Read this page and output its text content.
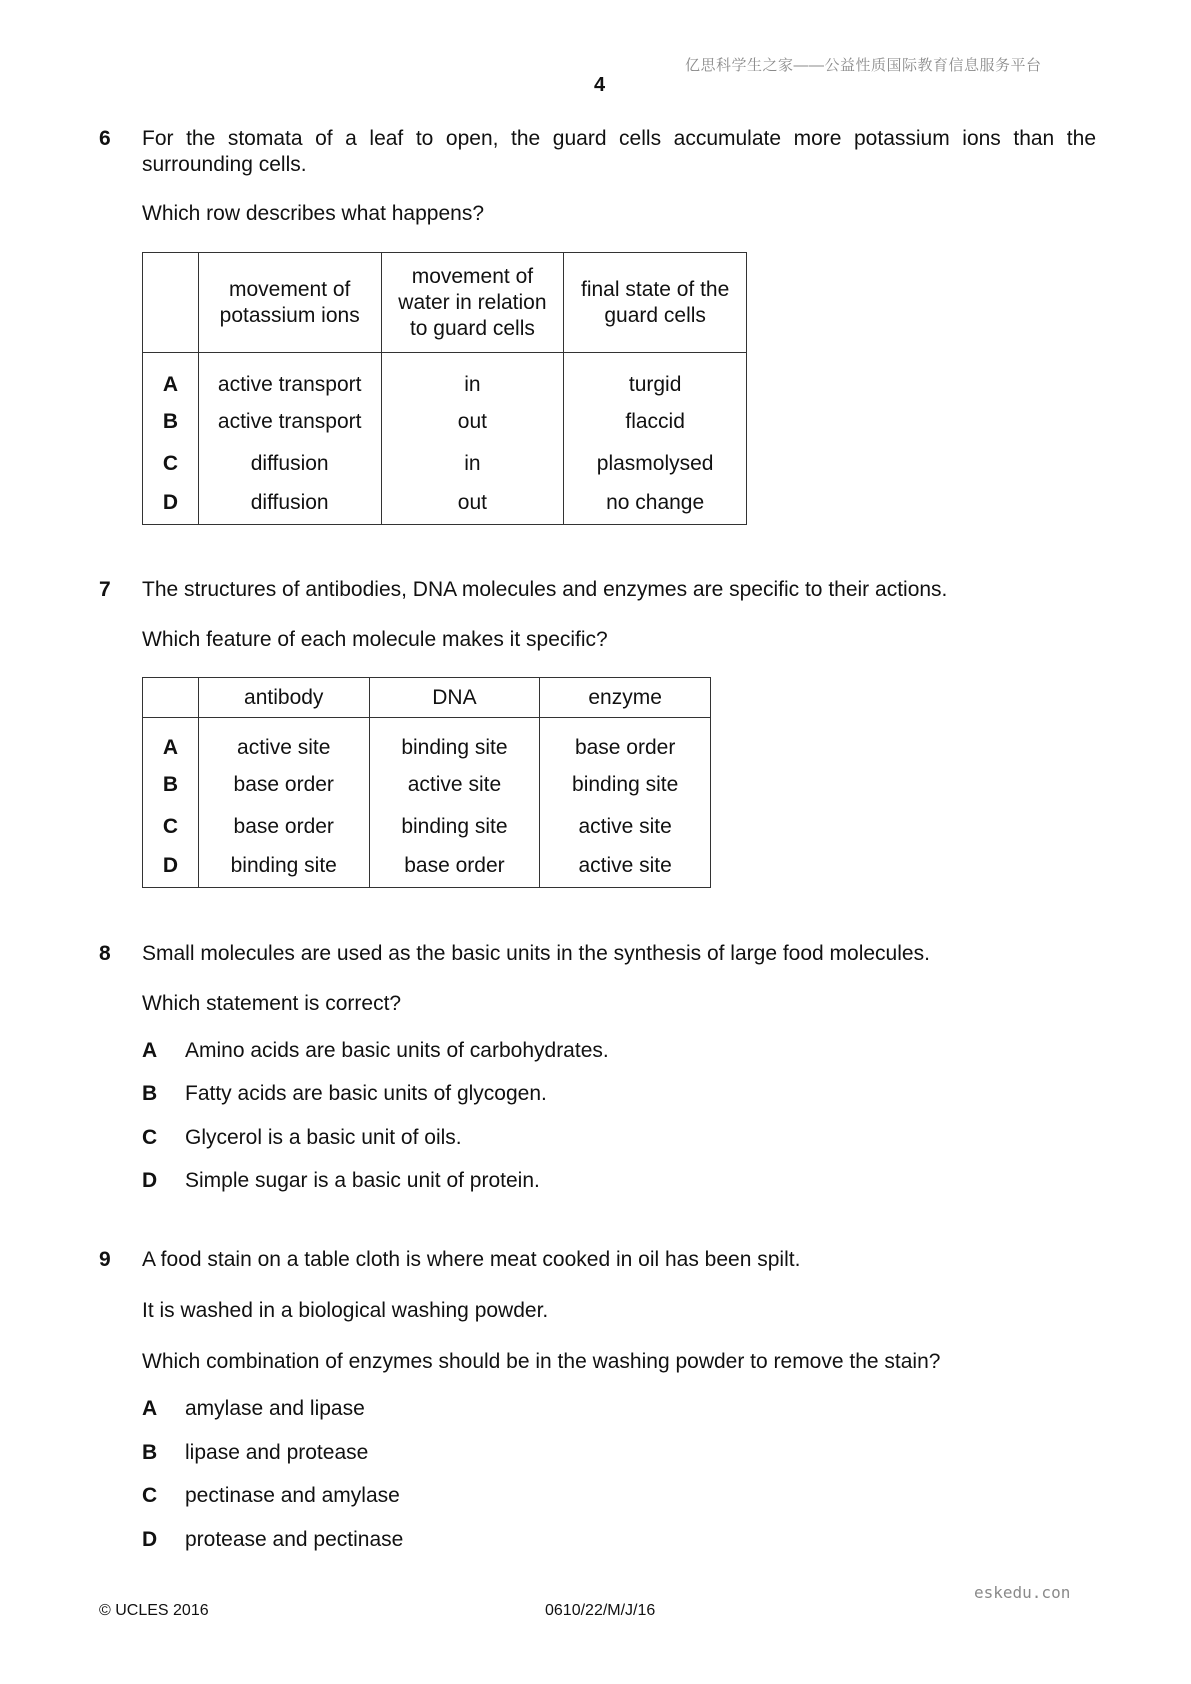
亿思科学生之家——公益性质国际教育信息服务平台
4
6 For the stomata of a leaf to open, the guard cells accumulate more potassium ions than the
surrounding cells.
Which row describes what happens?
	movement of potassium ions	movement of water in relation to guard cells	final state of the guard cells
A	active transport	in	turgid
B	active transport	out	flaccid
C	diffusion	in	plasmolysed
D	diffusion	out	no change
7 The structures of antibodies, DNA molecules and enzymes are specific to their actions.
Which feature of each molecule makes it specific?
	antibody	DNA	enzyme
A	active site	binding site	base order
B	base order	active site	binding site
C	base order	binding site	active site
D	binding site	base order	active site
8 Small molecules are used as the basic units in the synthesis of large food molecules.
Which statement is correct?
A Amino acids are basic units of carbohydrates.
B Fatty acids are basic units of glycogen.
C Glycerol is a basic unit of oils.
D Simple sugar is a basic unit of protein.
9 A food stain on a table cloth is where meat cooked in oil has been spilt.
It is washed in a biological washing powder.
Which combination of enzymes should be in the washing powder to remove the stain?
A amylase and lipase
B lipase and protease
C pectinase and amylase
D protease and pectinase
eskedu.con
© UCLES 2016	0610/22/M/J/16
